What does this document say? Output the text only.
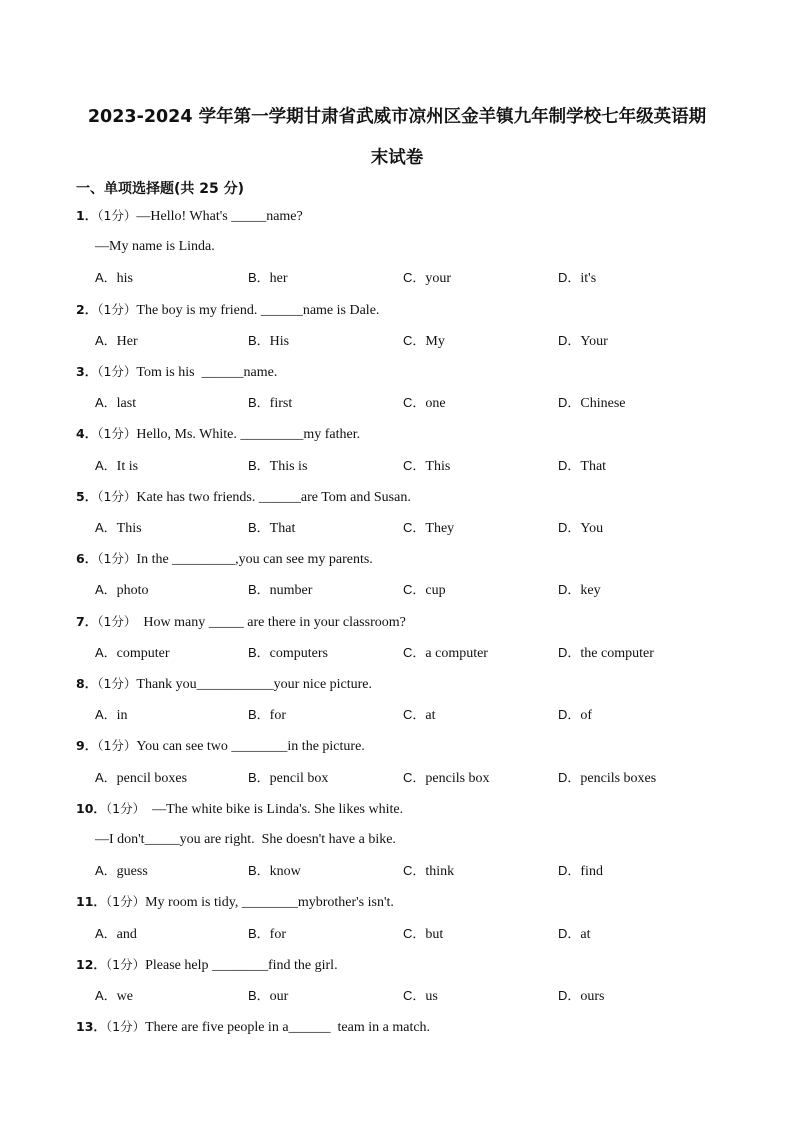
2023-2024 学年第一学期甘肃省武威市凉州区金羊镇九年制学校七年级英语期
末试卷
一、单项选择题(共 25 分)
1．（1分）—Hello! What's _____name?
—My name is Linda.
A．his	B．her	C．your	D．it's
2．（1分）The boy is my friend. ______name is Dale.
A．Her	B．His	C．My	D．Your
3．（1分）Tom is his  ______name.
A．last	B．first	C．one	D．Chinese
4．（1分）Hello, Ms. White. _________my father.
A．It is	B．This is	C．This	D．That
5．（1分）Kate has two friends. ______are Tom and Susan.
A．This	B．That	C．They	D．You
6．（1分）In the _________,you can see my parents.
A．photo	B．number	C．cup	D．key
7．（1分）  How many _____ are there in your classroom?
A．computer	B．computers	C．a computer	D．the computer
8．（1分）Thank you___________your nice picture.
A．in	B．for	C．at	D．of
9．（1分）You can see two ________in the picture.
A．pencil boxes	B．pencil box	C．pencils box	D．pencils boxes
10．（1分）  —The white bike is Linda's. She likes white.
—I don't_____you are right.  She doesn't have a bike.
A．guess	B．know	C．think	D．find
11．（1分）My room is tidy, ________mybrother's isn't.
A．and	B．for	C．but	D．at
12．（1分）Please help ________find the girl.
A．we	B．our	C．us	D．ours
13．（1分）There are five people in a______  team in a match.
